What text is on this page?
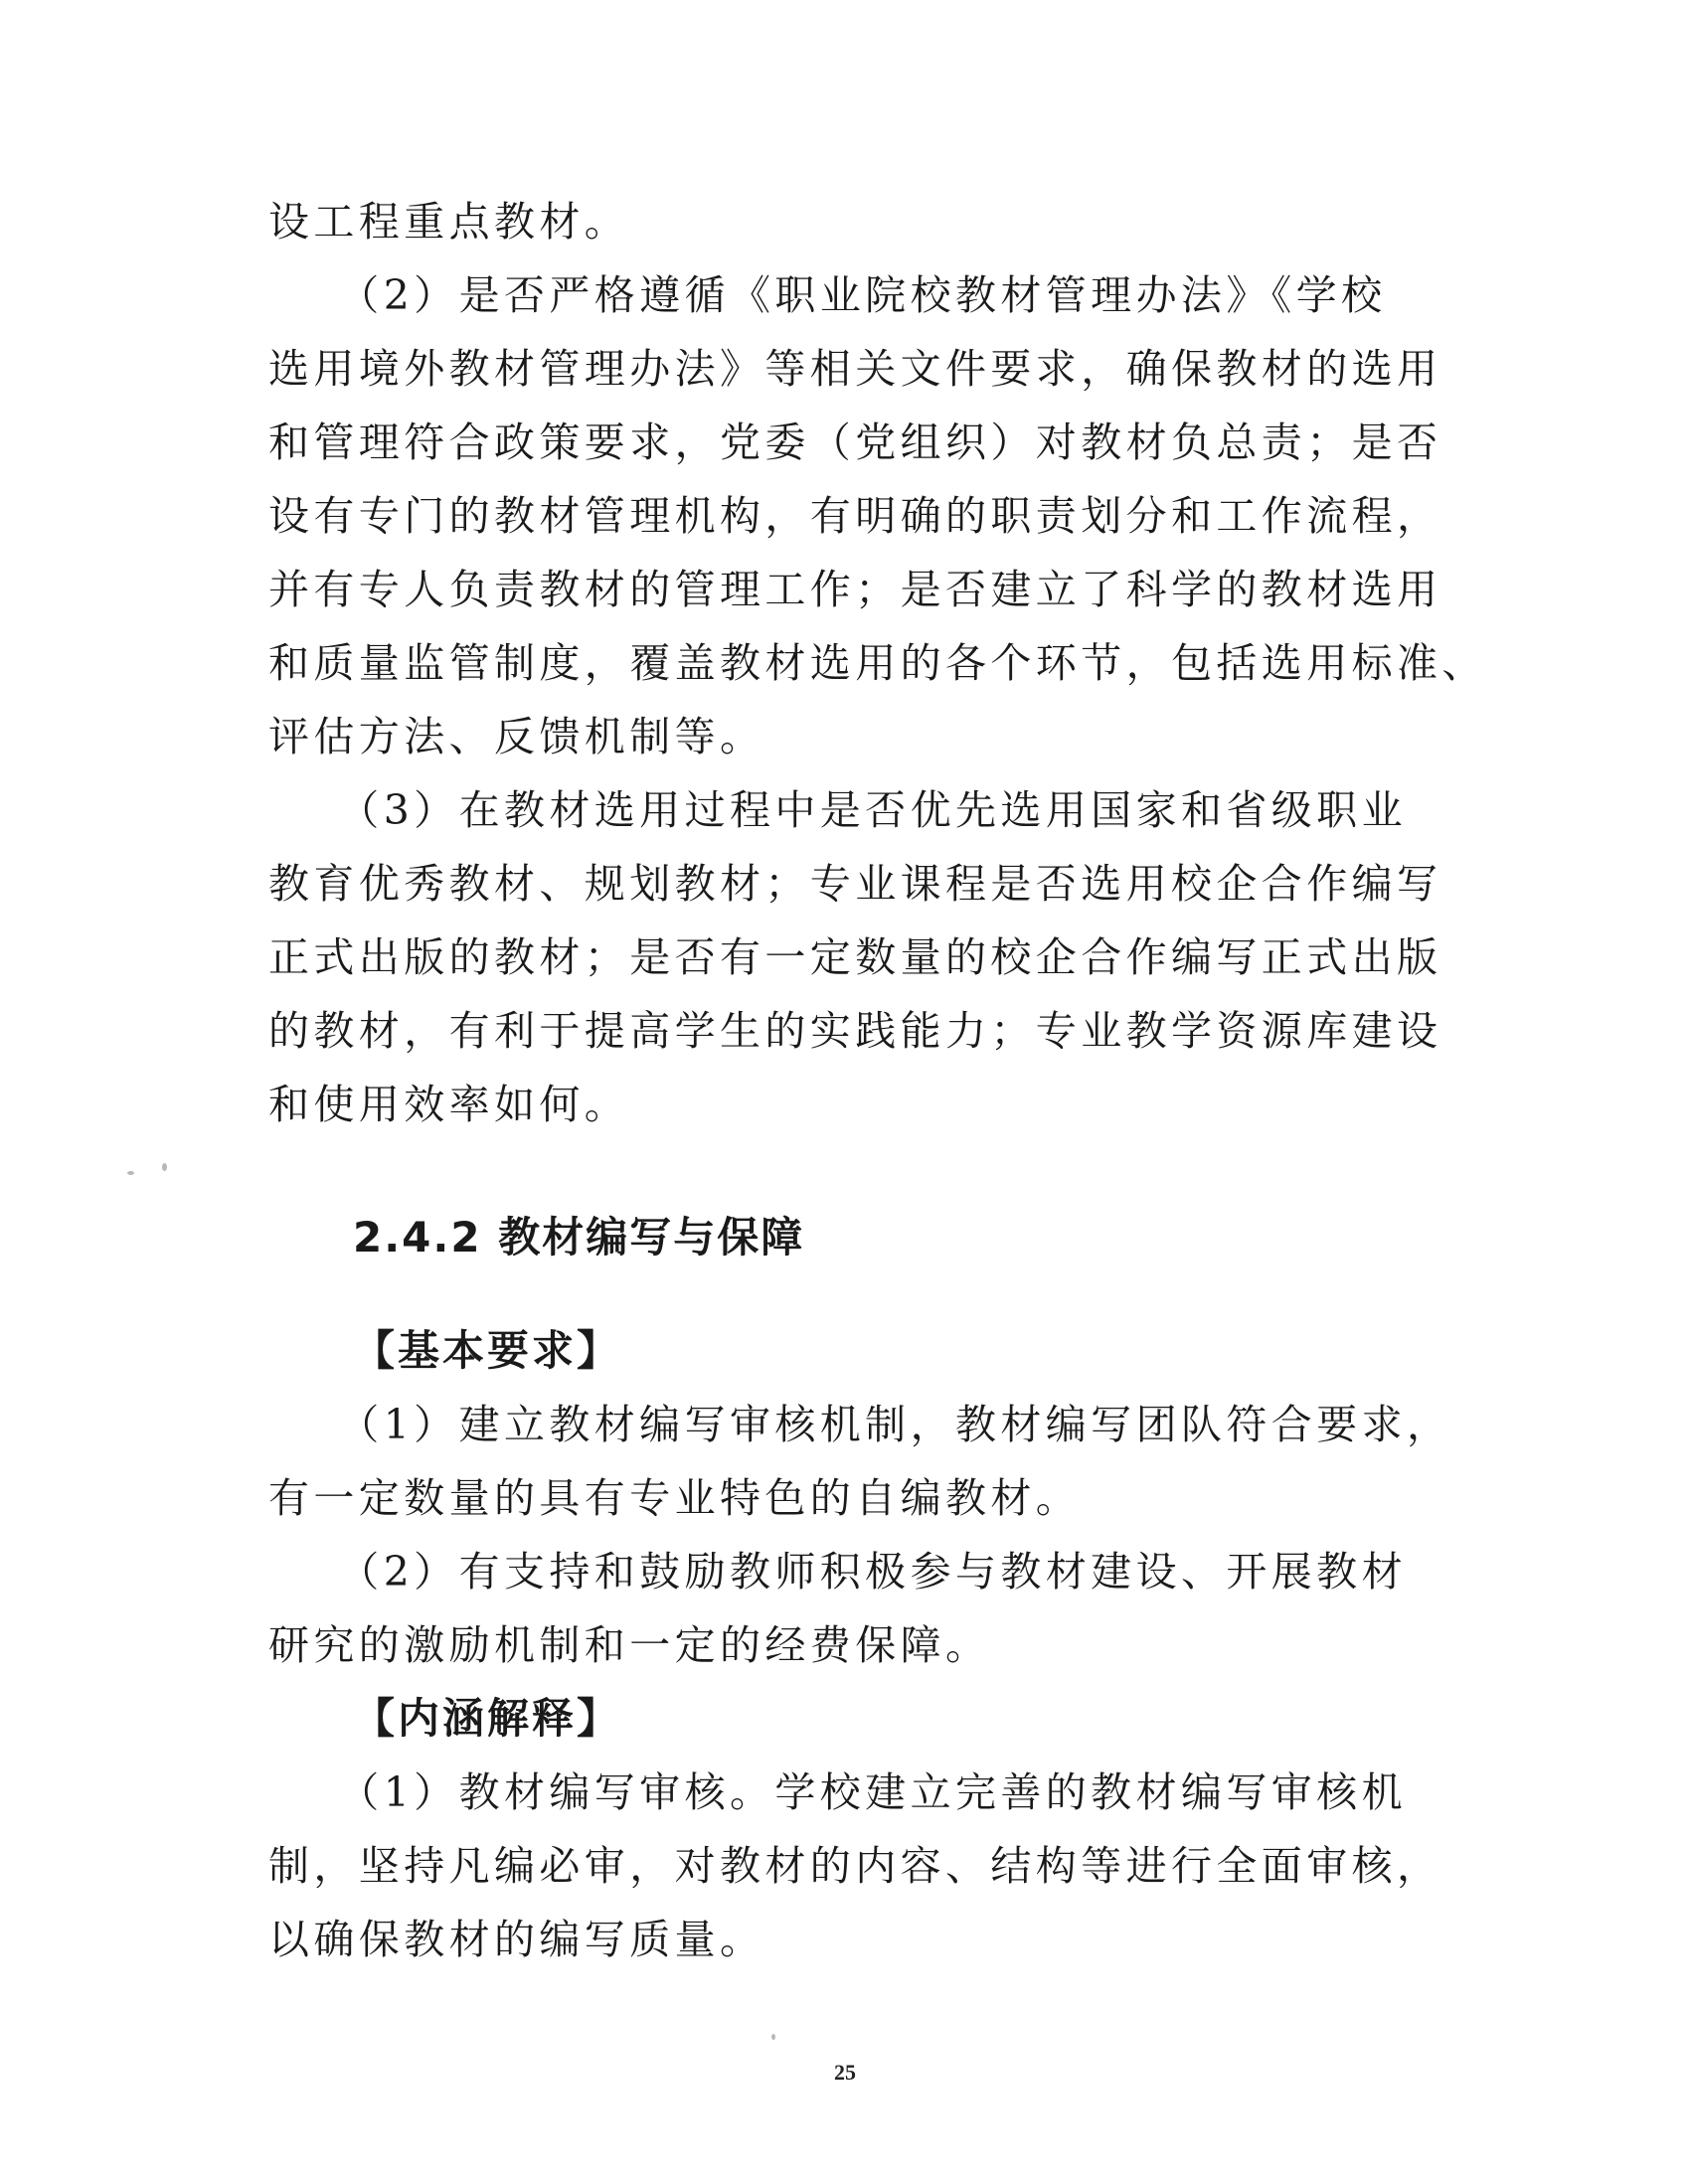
设工程重点教材。
　　（2）是否严格遵循《职业院校教材管理办法》《学校
选用境外教材管理办法》等相关文件要求，确保教材的选用
和管理符合政策要求，党委（党组织）对教材负总责；是否
设有专门的教材管理机构，有明确的职责划分和工作流程，
并有专人负责教材的管理工作；是否建立了科学的教材选用
和质量监管制度，覆盖教材选用的各个环节，包括选用标准、
评估方法、反馈机制等。
　　（3）在教材选用过程中是否优先选用国家和省级职业
教育优秀教材、规划教材；专业课程是否选用校企合作编写
正式出版的教材；是否有一定数量的校企合作编写正式出版
的教材，有利于提高学生的实践能力；专业教学资源库建设
和使用效率如何。
2.4.2 教材编写与保障
【基本要求】
　　（1）建立教材编写审核机制，教材编写团队符合要求，
有一定数量的具有专业特色的自编教材。
　　（2）有支持和鼓励教师积极参与教材建设、开展教材
研究的激励机制和一定的经费保障。
【内涵解释】
　　（1）教材编写审核。学校建立完善的教材编写审核机
制，坚持凡编必审，对教材的内容、结构等进行全面审核，
以确保教材的编写质量。
25
